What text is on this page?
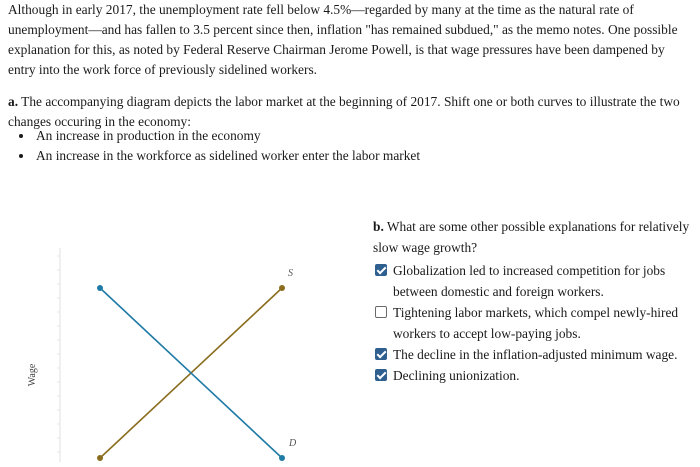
Although in early 2017, the unemployment rate fell below 4.5%—regarded by many at the time as the natural rate of unemployment—and has fallen to 3.5 percent since then, inflation "has remained subdued," as the memo notes. One possible explanation for this, as noted by Federal Reserve Chairman Jerome Powell, is that wage pressures have been dampened by entry into the work force of previously sidelined workers.

a. The accompanying diagram depicts the labor market at the beginning of 2017. Shift one or both curves to illustrate the two changes occuring in the economy:

• An increase in production in the economy
• An increase in the workforce as sidelined worker enter the labor market
Wage
S
D

b. What are some other possible explanations for relatively slow wage growth?

Globalization led to increased competition for jobs between domestic and foreign workers.
Tightening labor markets, which compel newly-hired workers to accept low-paying jobs.
The decline in the inflation-adjusted minimum wage.
Declining unionization.
